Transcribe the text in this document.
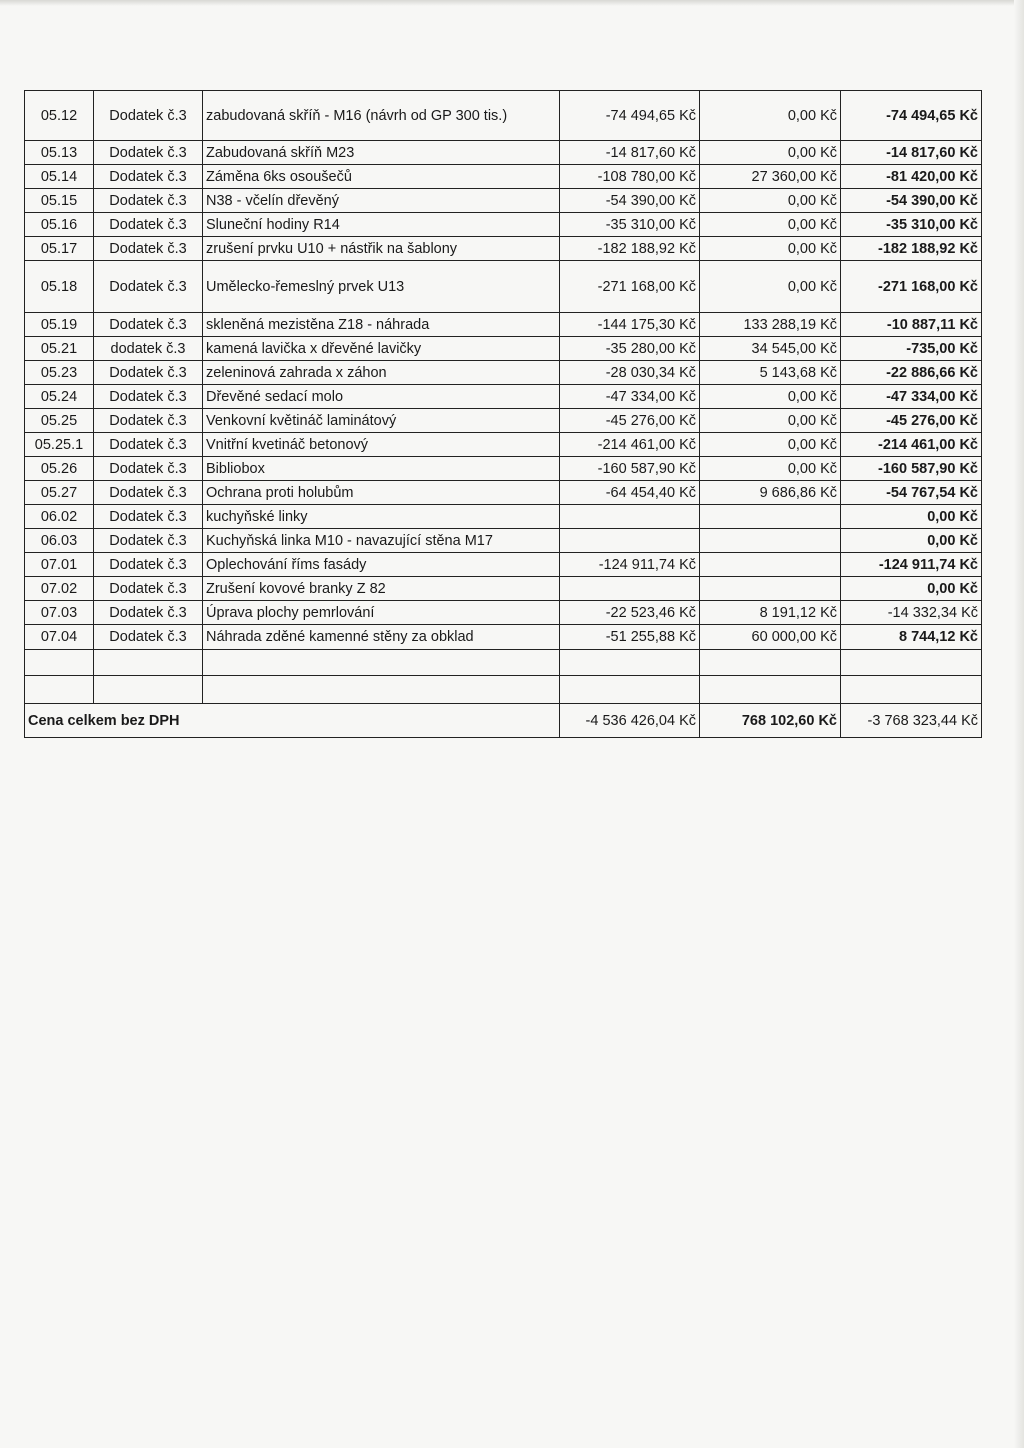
05.12	Dodatek č.3	zabudovaná skříň - M16 (návrh od GP 300 tis.)	-74 494,65 Kč	0,00 Kč	-74 494,65 Kč
05.13	Dodatek č.3	Zabudovaná skříň M23	-14 817,60 Kč	0,00 Kč	-14 817,60 Kč
05.14	Dodatek č.3	Záměna 6ks osoušečů	-108 780,00 Kč	27 360,00 Kč	-81 420,00 Kč
05.15	Dodatek č.3	N38 - včelín dřevěný	-54 390,00 Kč	0,00 Kč	-54 390,00 Kč
05.16	Dodatek č.3	Sluneční hodiny R14	-35 310,00 Kč	0,00 Kč	-35 310,00 Kč
05.17	Dodatek č.3	zrušení prvku U10 + nástřik na šablony	-182 188,92 Kč	0,00 Kč	-182 188,92 Kč
05.18	Dodatek č.3	Umělecko-řemeslný prvek U13	-271 168,00 Kč	0,00 Kč	-271 168,00 Kč
05.19	Dodatek č.3	skleněná mezistěna Z18 - náhrada	-144 175,30 Kč	133 288,19 Kč	-10 887,11 Kč
05.21	dodatek č.3	kamená lavička x dřevěné lavičky	-35 280,00 Kč	34 545,00 Kč	-735,00 Kč
05.23	Dodatek č.3	zeleninová zahrada x záhon	-28 030,34 Kč	5 143,68 Kč	-22 886,66 Kč
05.24	Dodatek č.3	Dřevěné sedací molo	-47 334,00 Kč	0,00 Kč	-47 334,00 Kč
05.25	Dodatek č.3	Venkovní květináč laminátový	-45 276,00 Kč	0,00 Kč	-45 276,00 Kč
05.25.1	Dodatek č.3	Vnitřní kvetináč betonový	-214 461,00 Kč	0,00 Kč	-214 461,00 Kč
05.26	Dodatek č.3	Bibliobox	-160 587,90 Kč	0,00 Kč	-160 587,90 Kč
05.27	Dodatek č.3	Ochrana proti holubům	-64 454,40 Kč	9 686,86 Kč	-54 767,54 Kč
06.02	Dodatek č.3	kuchyňské linky			0,00 Kč
06.03	Dodatek č.3	Kuchyňská linka M10 - navazující stěna M17			0,00 Kč
07.01	Dodatek č.3	Oplechování říms fasády	-124 911,74 Kč		-124 911,74 Kč
07.02	Dodatek č.3	Zrušení kovové branky Z 82			0,00 Kč
07.03	Dodatek č.3	Úprava plochy pemrlování	-22 523,46 Kč	8 191,12 Kč	-14 332,34 Kč
07.04	Dodatek č.3	Náhrada zděné kamenné stěny za obklad	-51 255,88 Kč	60 000,00 Kč	8 744,12 Kč

Cena celkem bez DPH			-4 536 426,04 Kč	768 102,60 Kč	-3 768 323,44 Kč
